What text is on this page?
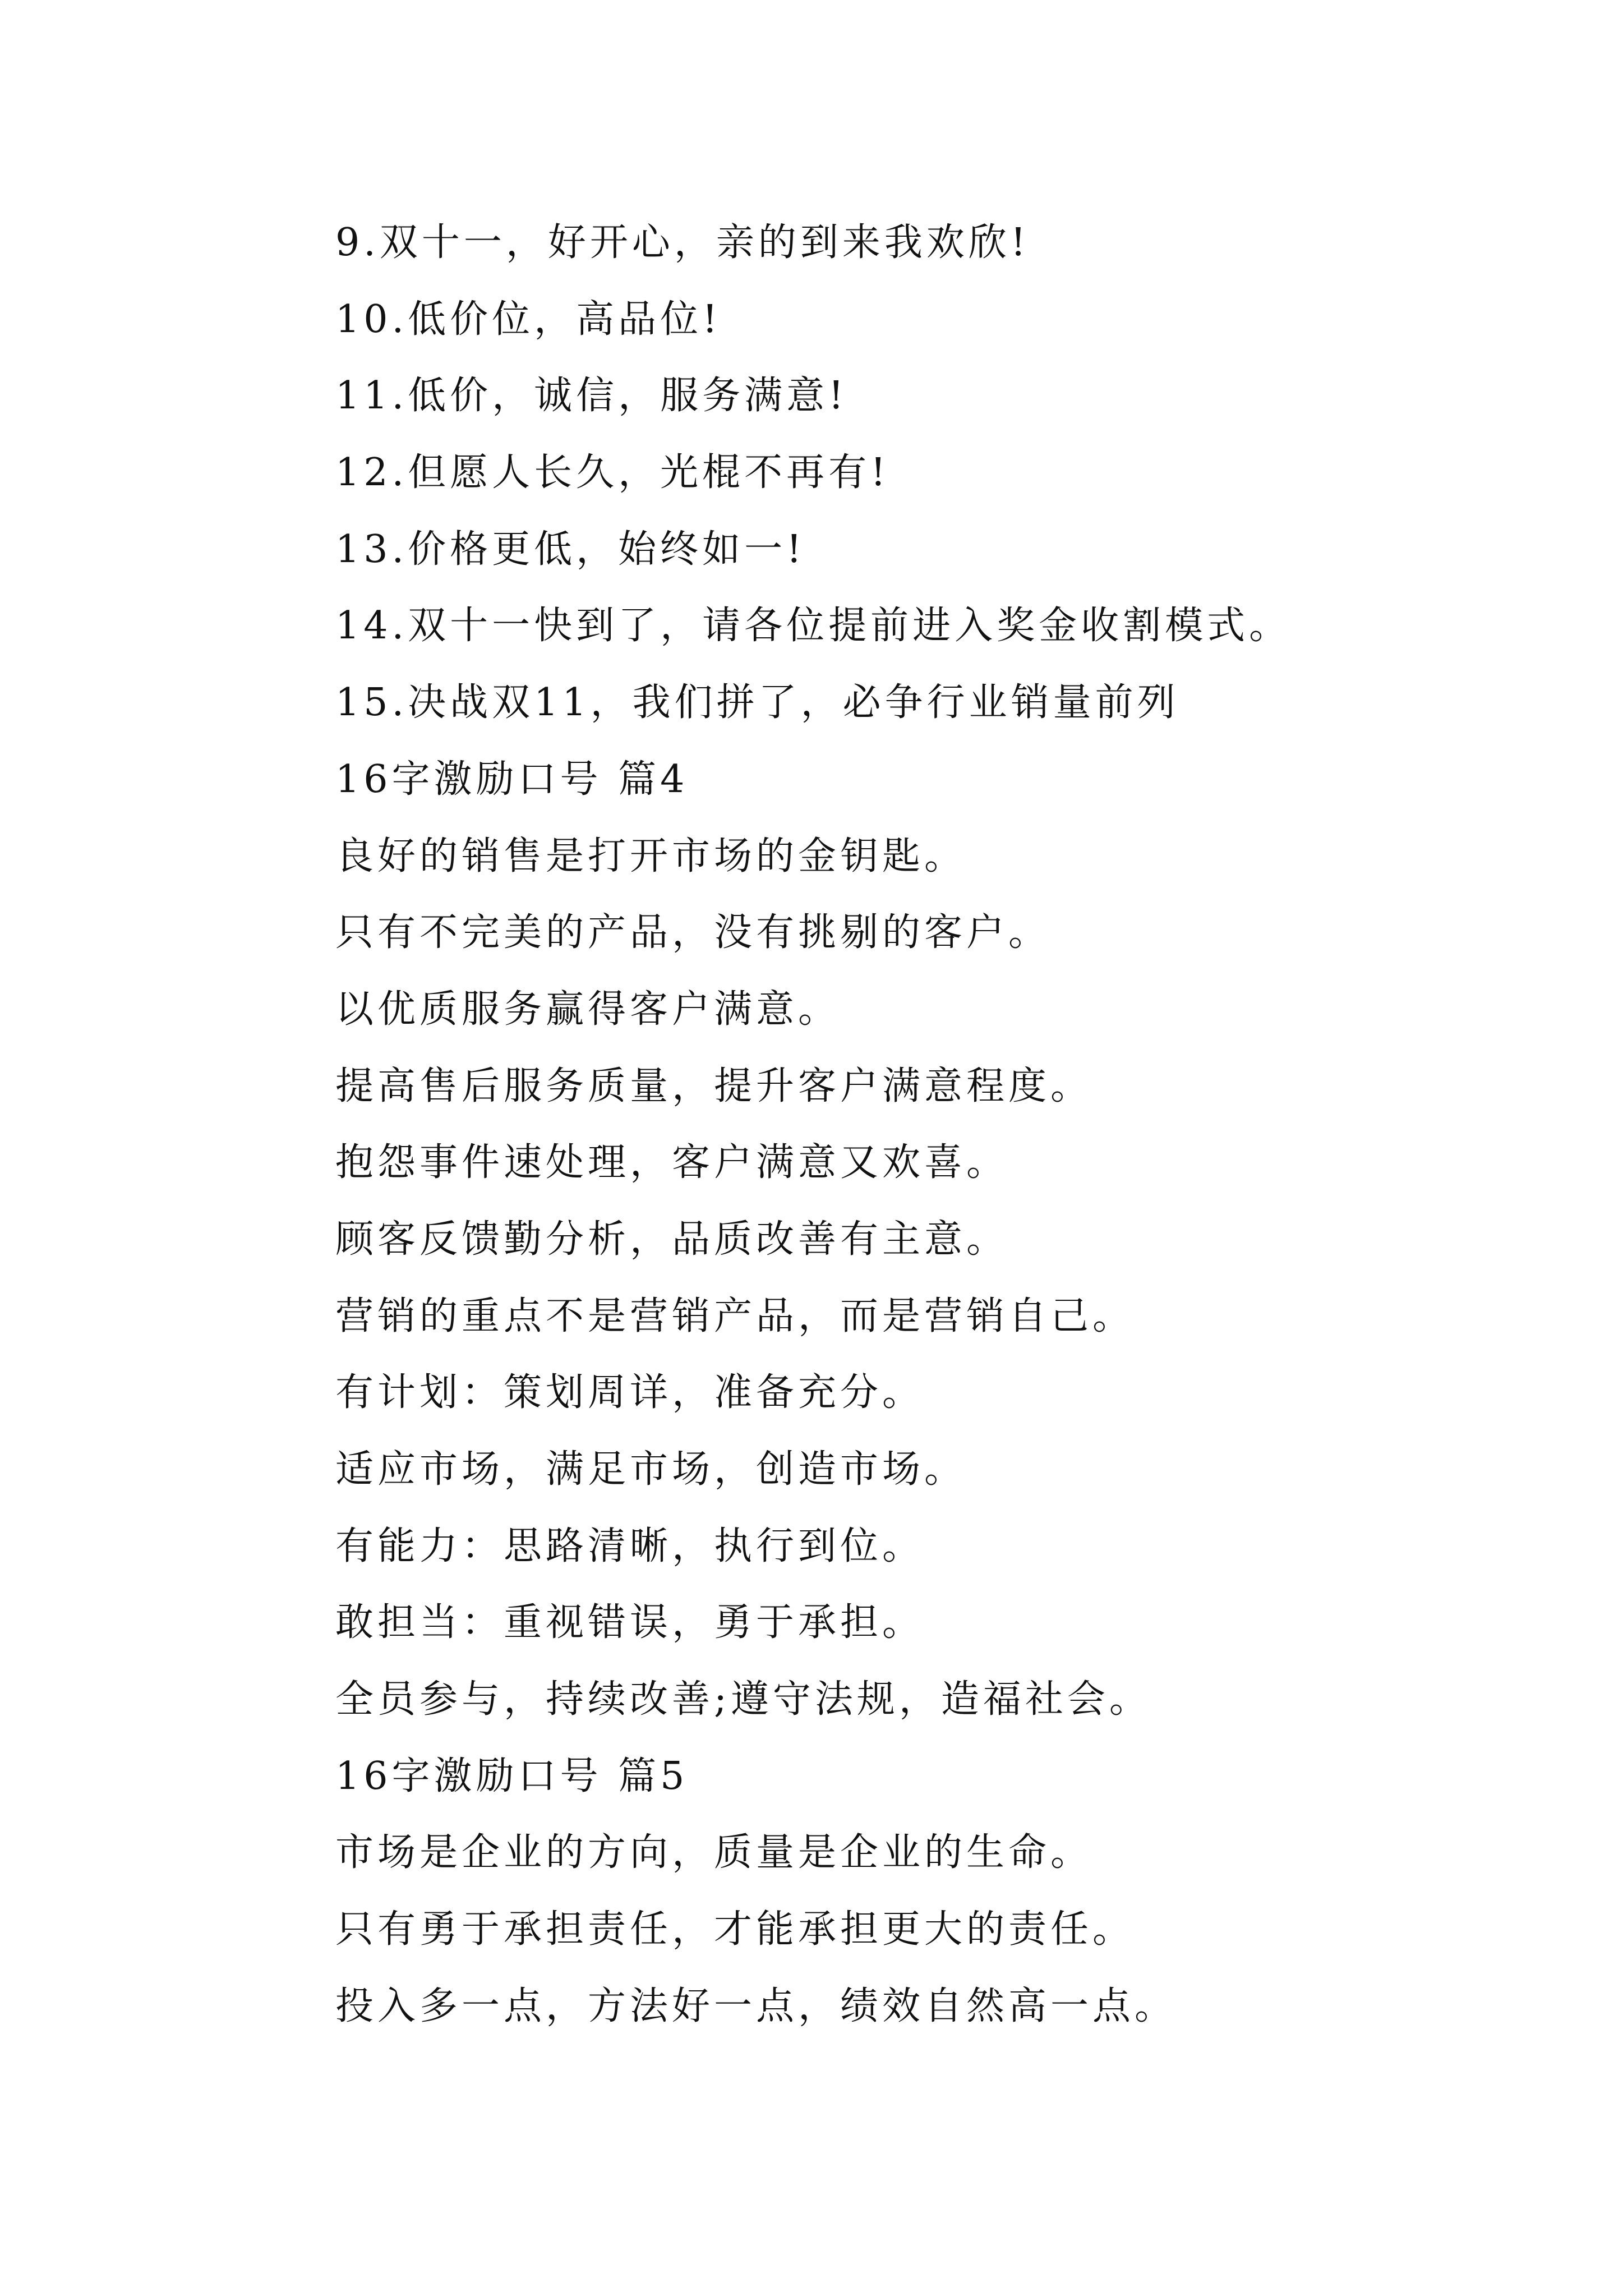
9.双十一，好开心，亲的到来我欢欣!
10.低价位，高品位!
11.低价，诚信，服务满意!
12.但愿人长久，光棍不再有!
13.价格更低，始终如一!
14.双十一快到了，请各位提前进入奖金收割模式。
15.决战双11，我们拼了，必争行业销量前列
16字激励口号 篇4
良好的销售是打开市场的金钥匙。
只有不完美的产品，没有挑剔的客户。
以优质服务赢得客户满意。
提高售后服务质量，提升客户满意程度。
抱怨事件速处理，客户满意又欢喜。
顾客反馈勤分析，品质改善有主意。
营销的重点不是营销产品，而是营销自己。
有计划：策划周详，准备充分。
适应市场，满足市场，创造市场。
有能力：思路清晰，执行到位。
敢担当：重视错误，勇于承担。
全员参与，持续改善;遵守法规，造福社会。
16字激励口号 篇5
市场是企业的方向，质量是企业的生命。
只有勇于承担责任，才能承担更大的责任。
投入多一点，方法好一点，绩效自然高一点。
